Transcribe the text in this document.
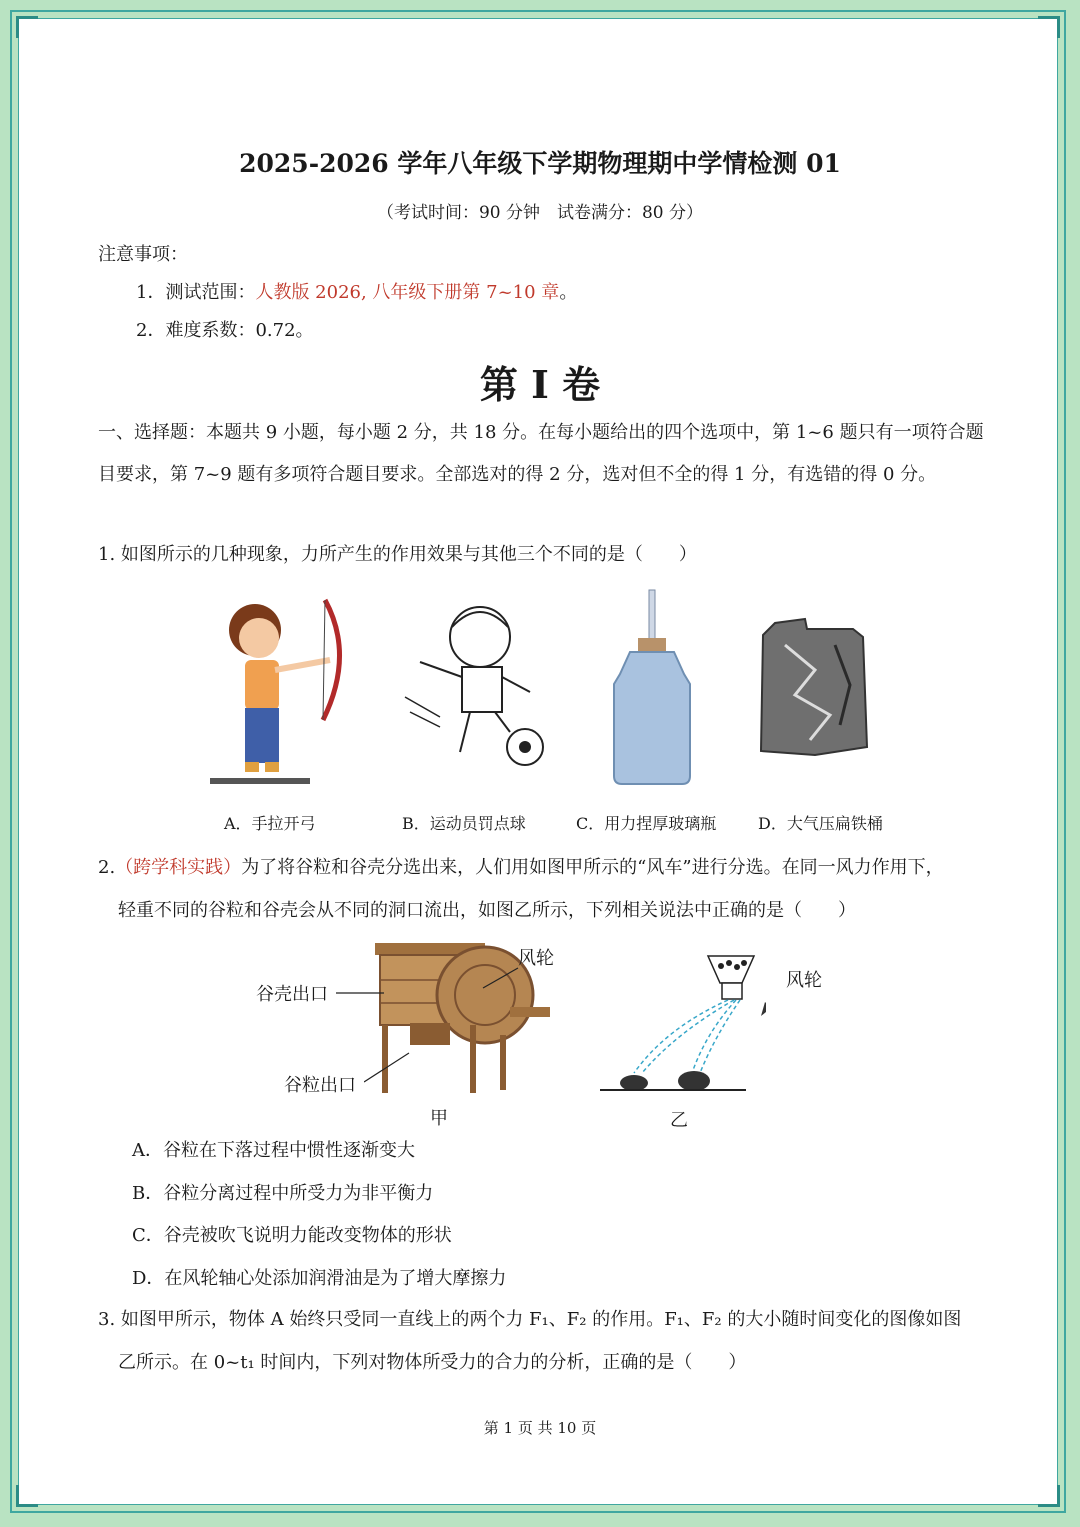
2025-2026 学年八年级下学期物理期中学情检测 01
（考试时间：90 分钟　试卷满分：80 分）
注意事项：
1．测试范围：人教版 2026, 八年级下册第 7~10 章。
2．难度系数：0.72。
第 I 卷
一、选择题：本题共 9 小题，每小题 2 分，共 18 分。在每小题给出的四个选项中，第 1~6 题只有一项符合题目要求，第 7~9 题有多项符合题目要求。全部选对的得 2 分，选对但不全的得 1 分，有选错的得 0 分。
1. 如图所示的几种现象，力所产生的作用效果与其他三个不同的是（　　）
A．手拉开弓	B．运动员罚点球	C．用力捏厚玻璃瓶	D．大气压扁铁桶
2.（跨学科实践）为了将谷粒和谷壳分选出来，人们用如图甲所示的“风车”进行分选。在同一风力作用下，
轻重不同的谷粒和谷壳会从不同的洞口流出，如图乙所示，下列相关说法中正确的是（　　）
风轮
谷壳出口
谷粒出口
甲
风轮
乙
A．谷粒在下落过程中惯性逐渐变大
B．谷粒分离过程中所受力为非平衡力
C．谷壳被吹飞说明力能改变物体的形状
D．在风轮轴心处添加润滑油是为了增大摩擦力
3. 如图甲所示，物体 A 始终只受同一直线上的两个力 F₁、F₂ 的作用。F₁、F₂ 的大小随时间变化的图像如图
乙所示。在 0~t₁ 时间内，下列对物体所受力的合力的分析，正确的是（　　）
第 1 页 共 10 页
